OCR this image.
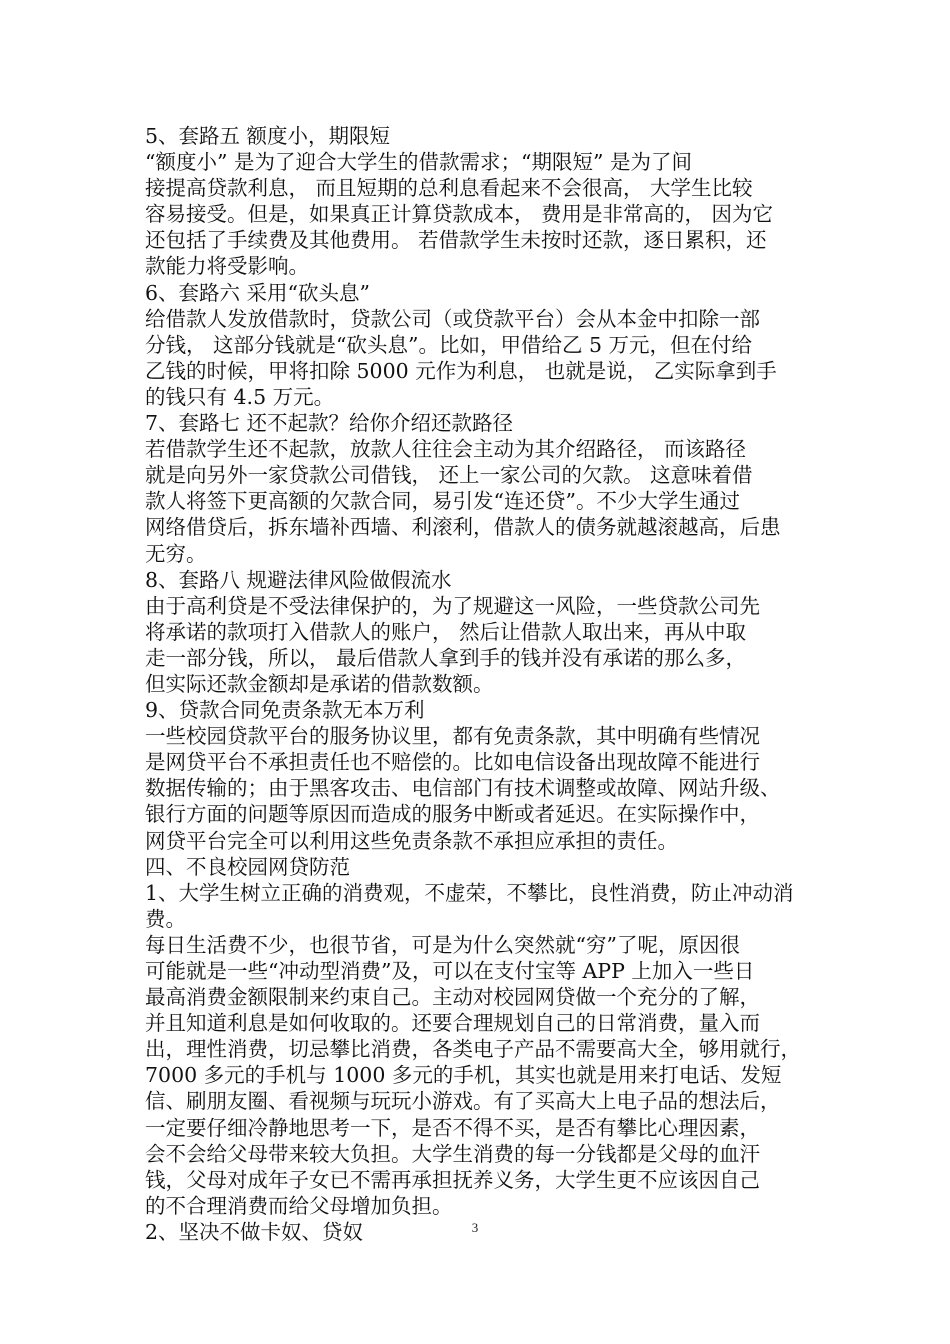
5、套路五 额度小，期限短
“额度小” 是为了迎合大学生的借款需求；“期限短” 是为了间
接提高贷款利息， 而且短期的总利息看起来不会很高， 大学生比较
容易接受。但是，如果真正计算贷款成本， 费用是非常高的， 因为它
还包括了手续费及其他费用。 若借款学生未按时还款，逐日累积，还
款能力将受影响。
6、套路六 采用“砍头息”
给借款人发放借款时，贷款公司（或贷款平台）会从本金中扣除一部
分钱， 这部分钱就是“砍头息”。比如，甲借给乙 5 万元，但在付给
乙钱的时候，甲将扣除 5000 元作为利息， 也就是说， 乙实际拿到手
的钱只有 4.5 万元。
7、套路七 还不起款？给你介绍还款路径
若借款学生还不起款，放款人往往会主动为其介绍路径， 而该路径
就是向另外一家贷款公司借钱， 还上一家公司的欠款。 这意味着借
款人将签下更高额的欠款合同，易引发“连还贷”。不少大学生通过
网络借贷后，拆东墙补西墙、利滚利，借款人的债务就越滚越高，后患
无穷。
8、套路八 规避法律风险做假流水
由于高利贷是不受法律保护的，为了规避这一风险，一些贷款公司先
将承诺的款项打入借款人的账户， 然后让借款人取出来，再从中取
走一部分钱，所以， 最后借款人拿到手的钱并没有承诺的那么多，
但实际还款金额却是承诺的借款数额。
9、贷款合同免责条款无本万利
一些校园贷款平台的服务协议里，都有免责条款，其中明确有些情况
是网贷平台不承担责任也不赔偿的。比如电信设备出现故障不能进行
数据传输的；由于黑客攻击、电信部门有技术调整或故障、网站升级、
银行方面的问题等原因而造成的服务中断或者延迟。在实际操作中，
网贷平台完全可以利用这些免责条款不承担应承担的责任。
四、不良校园网贷防范
1、大学生树立正确的消费观，不虚荣，不攀比，良性消费，防止冲动消
费。
每日生活费不少，也很节省，可是为什么突然就“穷”了呢，原因很
可能就是一些“冲动型消费”及，可以在支付宝等 APP 上加入一些日
最高消费金额限制来约束自己。主动对校园网贷做一个充分的了解，
并且知道利息是如何收取的。还要合理规划自己的日常消费，量入而
出，理性消费，切忌攀比消费，各类电子产品不需要高大全，够用就行，
7000 多元的手机与 1000 多元的手机，其实也就是用来打电话、发短
信、刷朋友圈、看视频与玩玩小游戏。有了买高大上电子品的想法后，
一定要仔细冷静地思考一下，是否不得不买，是否有攀比心理因素，
会不会给父母带来较大负担。大学生消费的每一分钱都是父母的血汗
钱，父母对成年子女已不需再承担抚养义务，大学生更不应该因自己
的不合理消费而给父母增加负担。
2、坚决不做卡奴、贷奴	3
